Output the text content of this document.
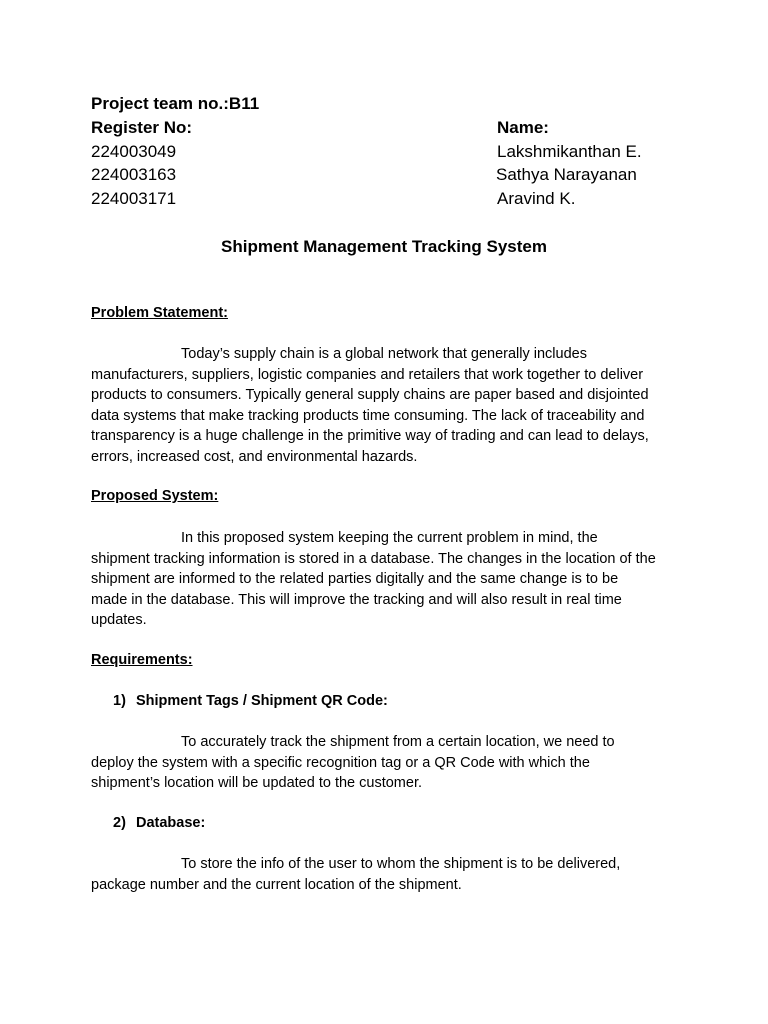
Project team no.:B11
Register No:	Name:
224003049	Lakshmikanthan E.
224003163	Sathya Narayanan
224003171	Aravind K.
Shipment Management Tracking System
Problem Statement:
Today’s supply chain is a global network that generally includes
manufacturers, suppliers, logistic companies and retailers that work together to deliver
products to consumers. Typically general supply chains are paper based and disjointed
data systems that make tracking products time consuming. The lack of traceability and
transparency is a huge challenge in the primitive way of trading and can lead to delays,
errors, increased cost, and environmental hazards.
Proposed System:
In this proposed system keeping the current problem in mind, the
shipment tracking information is stored in a database. The changes in the location of the
shipment are informed to the related parties digitally and the same change is to be
made in the database. This will improve the tracking and will also result in real time
updates.
Requirements:
1) Shipment Tags / Shipment QR Code:
To accurately track the shipment from a certain location, we need to
deploy the system with a specific recognition tag or a QR Code with which the
shipment’s location will be updated to the customer.
2) Database:
To store the info of the user to whom the shipment is to be delivered,
package number and the current location of the shipment.
